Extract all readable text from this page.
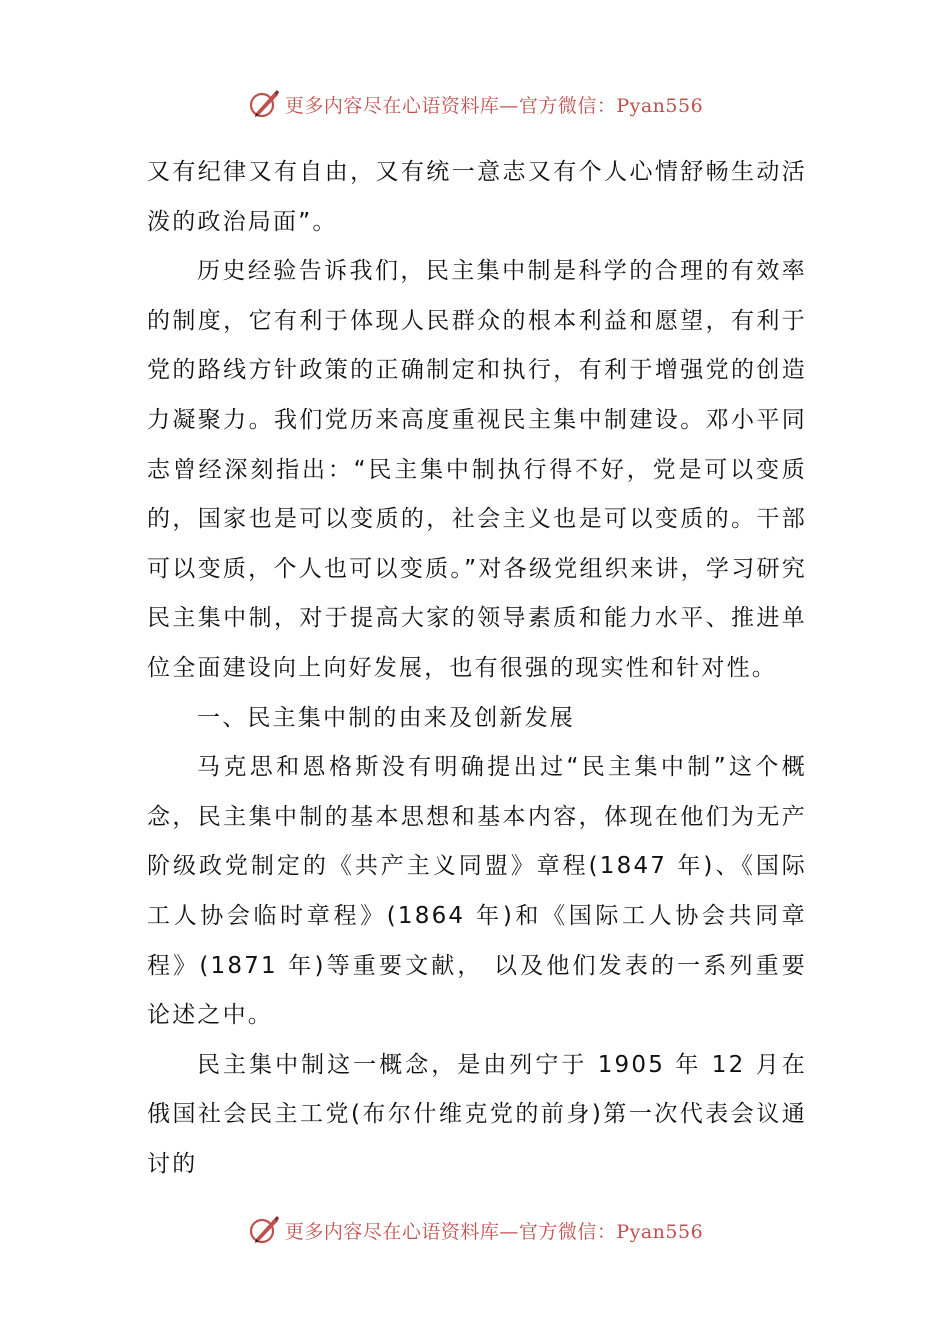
更多内容尽在心语资料库—官方微信：Pyan556

又有纪律又有自由，又有统一意志又有个人心情舒畅生动活泼的政治局面”。

历史经验告诉我们，民主集中制是科学的合理的有效率的制度，它有利于体现人民群众的根本利益和愿望，有利于党的路线方针政策的正确制定和执行，有利于增强党的创造力凝聚力。我们党历来高度重视民主集中制建设。邓小平同志曾经深刻指出：“民主集中制执行得不好，党是可以变质的，国家也是可以变质的，社会主义也是可以变质的。干部可以变质，个人也可以变质。”对各级党组织来讲，学习研究民主集中制，对于提高大家的领导素质和能力水平、推进单位全面建设向上向好发展，也有很强的现实性和针对性。

一、民主集中制的由来及创新发展

马克思和恩格斯没有明确提出过“民主集中制”这个概念，民主集中制的基本思想和基本内容，体现在他们为无产阶级政党制定的《共产主义同盟》章程(1847 年)、《国际工人协会临时章程》(1864 年)和《国际工人协会共同章程》(1871 年)等重要文献， 以及他们发表的一系列重要论述之中。

民主集中制这一概念，是由列宁于 1905 年 12 月在俄国社会民主工党(布尔什维克党的前身)第一次代表会议通讨的

更多内容尽在心语资料库—官方微信：Pyan556
